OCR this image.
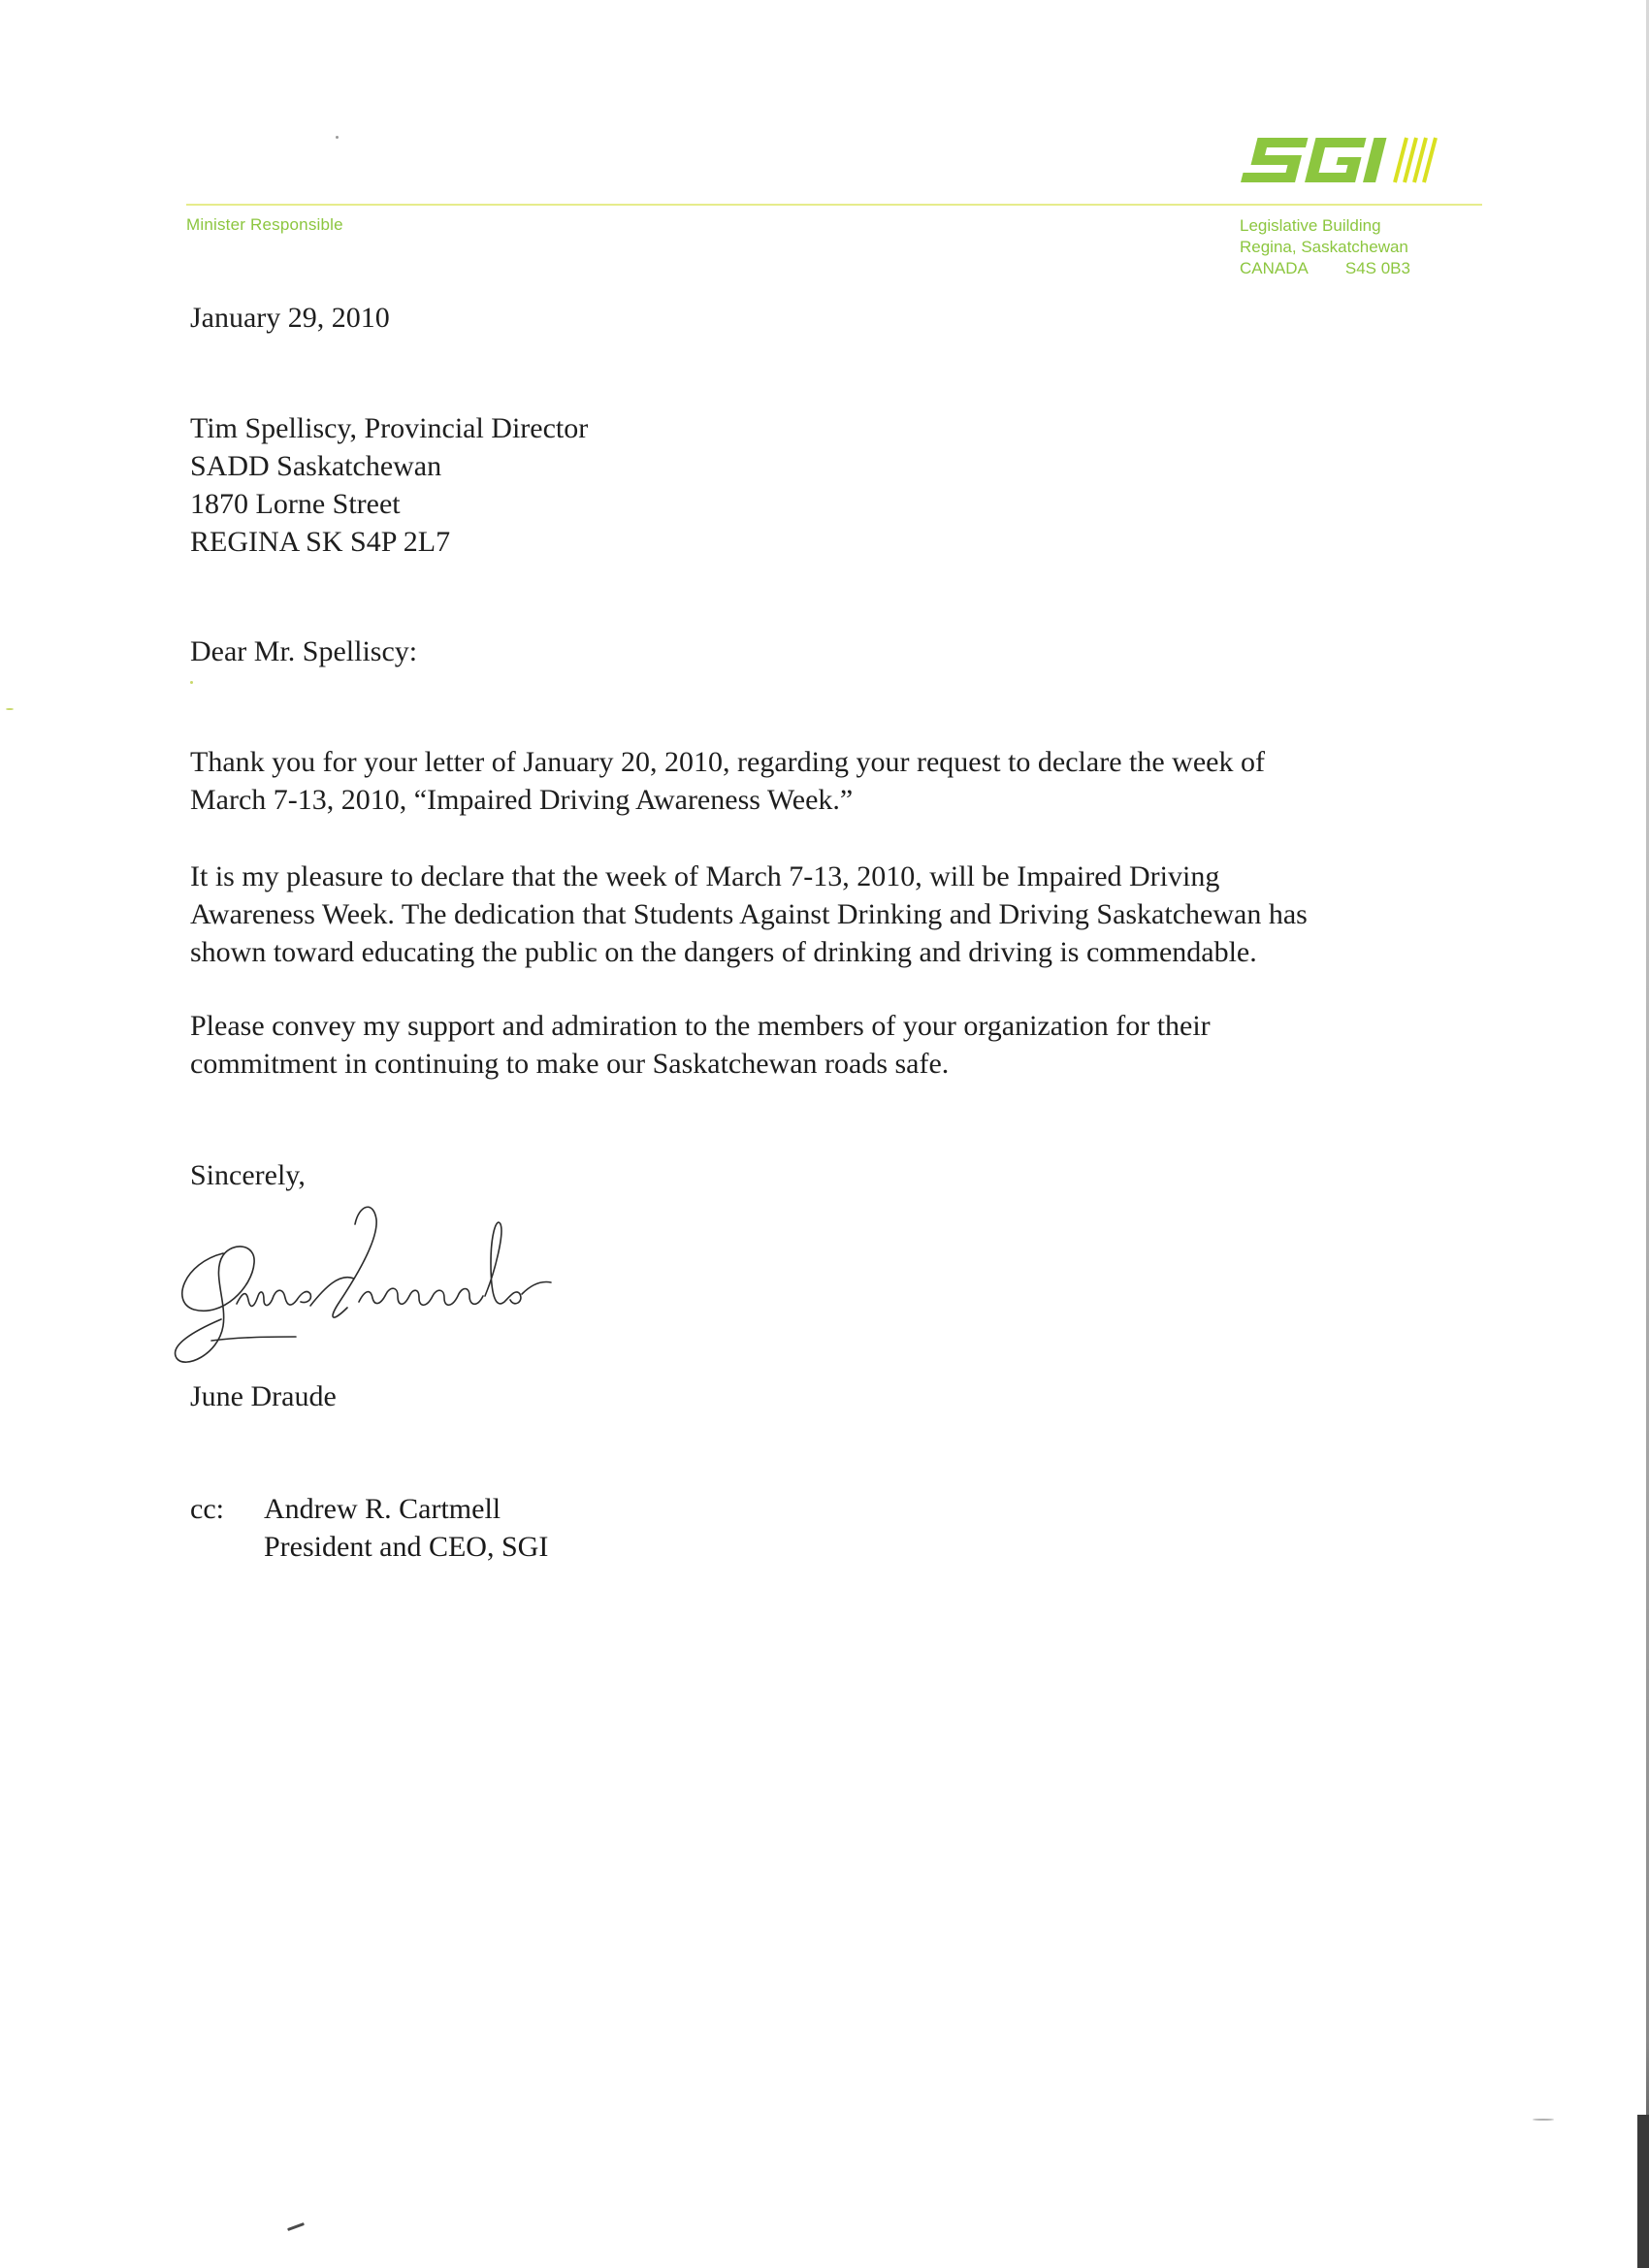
Minister Responsible	Legislative Building
Regina, Saskatchewan
CANADA S4S 0B3
January 29, 2010
Tim Spelliscy, Provincial Director
SADD Saskatchewan
1870 Lorne Street
REGINA SK S4P 2L7
Dear Mr. Spelliscy:
Thank you for your letter of January 20, 2010, regarding your request to declare the week of
March 7-13, 2010, “Impaired Driving Awareness Week.”
It is my pleasure to declare that the week of March 7-13, 2010, will be Impaired Driving
Awareness Week. The dedication that Students Against Drinking and Driving Saskatchewan has
shown toward educating the public on the dangers of drinking and driving is commendable.
Please convey my support and admiration to the members of your organization for their
commitment in continuing to make our Saskatchewan roads safe.
Sincerely,
June Draude
cc: Andrew R. Cartmell
President and CEO, SGI
